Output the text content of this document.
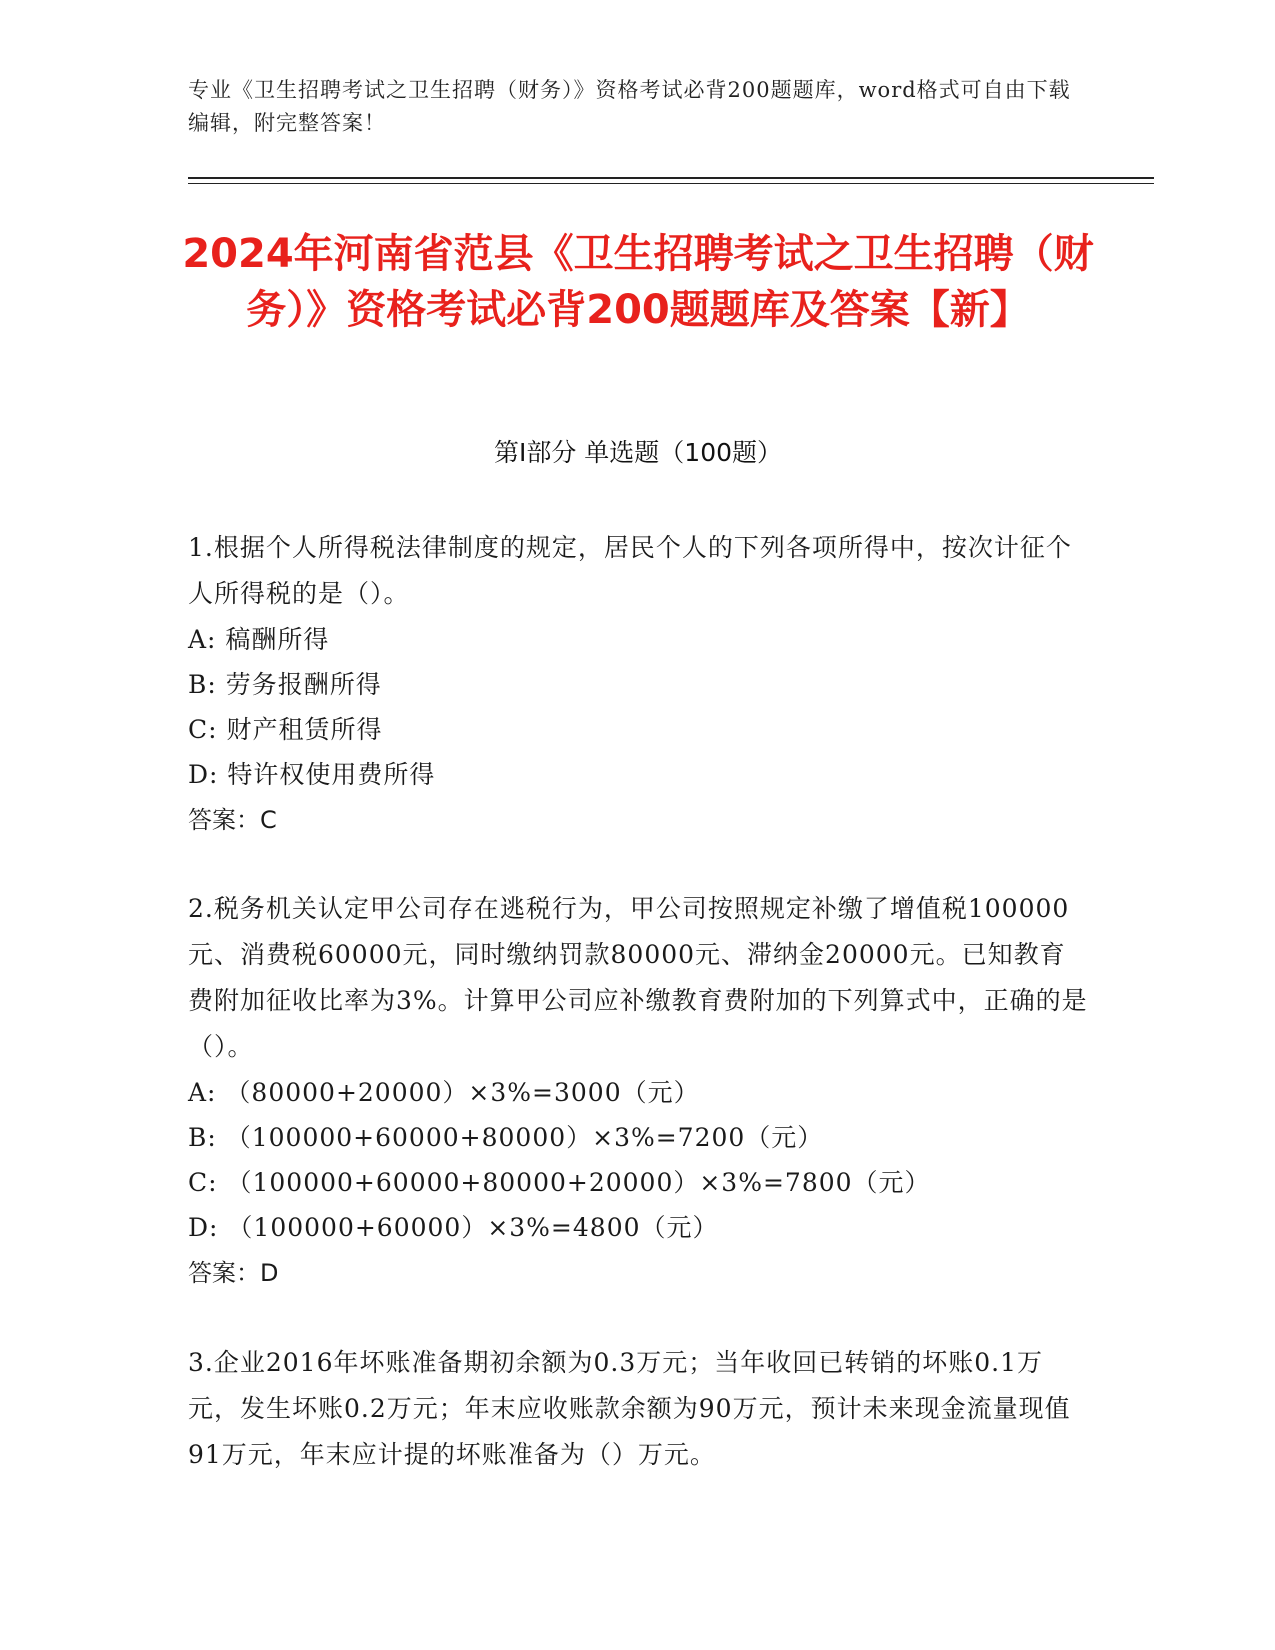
专业《卫生招聘考试之卫生招聘（财务）》资格考试必背200题题库，word格式可自由下载编辑，附完整答案！
2024年河南省范县《卫生招聘考试之卫生招聘（财务）》资格考试必背200题题库及答案【新】
第Ⅰ部分 单选题（100题）

1.根据个人所得税法律制度的规定，居民个人的下列各项所得中，按次计征个人所得税的是（）。

A: 稿酬所得

B: 劳务报酬所得

C: 财产租赁所得

D: 特许权使用费所得

答案：C

2.税务机关认定甲公司存在逃税行为，甲公司按照规定补缴了增值税100000元、消费税60000元，同时缴纳罚款80000元、滞纳金20000元。已知教育费附加征收比率为3%。计算甲公司应补缴教育费附加的下列算式中，正确的是（）。

A: （80000+20000）×3%=3000（元）

B: （100000+60000+80000）×3%=7200（元）

C: （100000+60000+80000+20000）×3%=7800（元）

D: （100000+60000）×3%=4800（元）

答案：D

3.企业2016年坏账准备期初余额为0.3万元；当年收回已转销的坏账0.1万元，发生坏账0.2万元；年末应收账款余额为90万元，预计未来现金流量现值91万元，年末应计提的坏账准备为（）万元。
